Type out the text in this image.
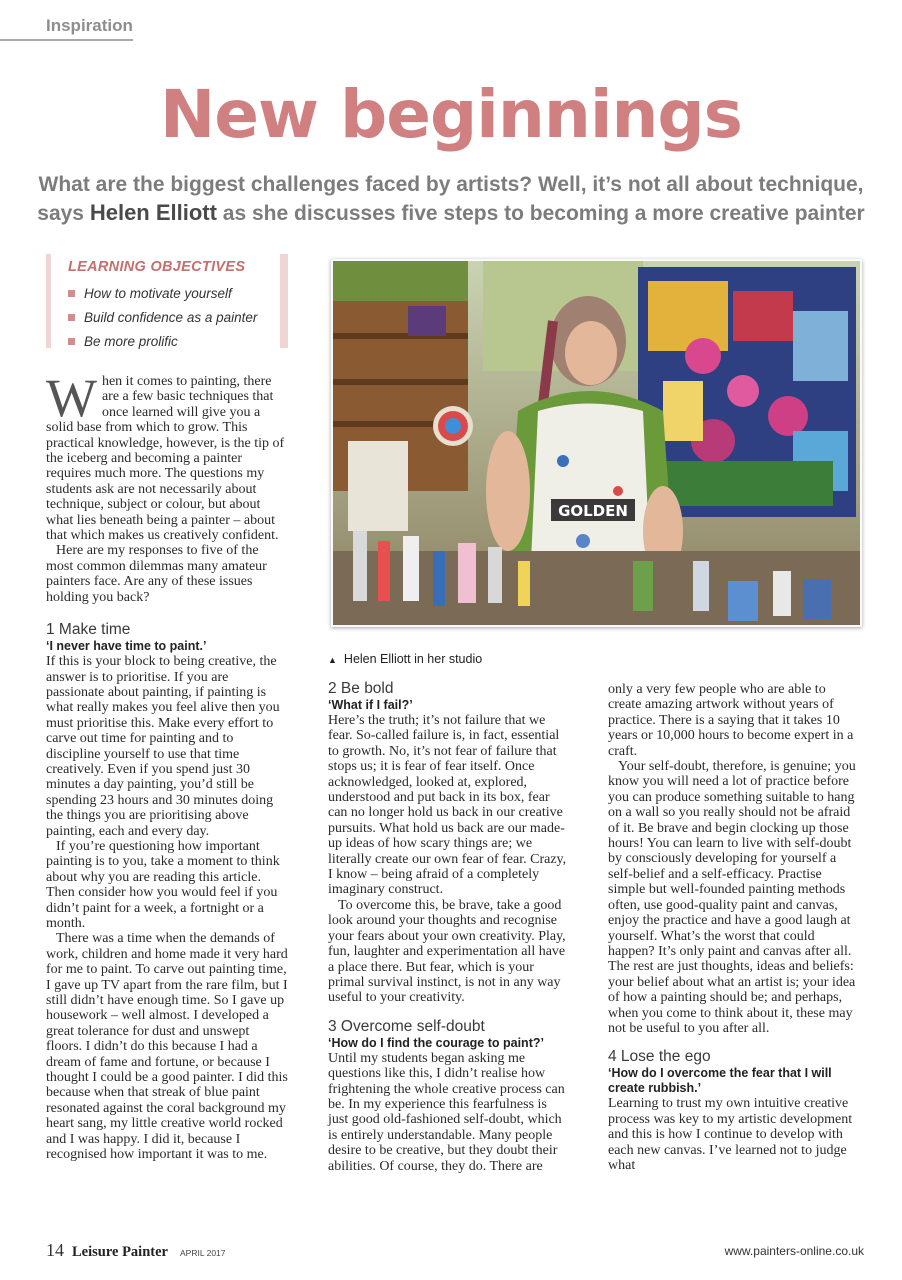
Inspiration
New beginnings
What are the biggest challenges faced by artists? Well, it’s not all about technique, says Helen Elliott as she discusses five steps to becoming a more creative painter
LEARNING OBJECTIVES
How to motivate yourself
Build confidence as a painter
Be more prolific

When it comes to painting, there are a few basic techniques that once learned will give you a solid base from which to grow. This practical knowledge, however, is the tip of the iceberg and becoming a painter requires much more. The questions my students ask are not necessarily about technique, subject or colour, but about what lies beneath being a painter – about that which makes us creatively confident.

Here are my responses to five of the most common dilemmas many amateur painters face. Are any of these issues holding you back?

1 Make time
‘I never have time to paint.’

If this is your block to being creative, the answer is to prioritise. If you are passionate about painting, if painting is what really makes you feel alive then you must prioritise this. Make every effort to carve out time for painting and to discipline yourself to use that time creatively. Even if you spend just 30 minutes a day painting, you’d still be spending 23 hours and 30 minutes doing the things you are prioritising above painting, each and every day.

If you’re questioning how important painting is to you, take a moment to think about why you are reading this article. Then consider how you would feel if you didn’t paint for a week, a fortnight or a month.

There was a time when the demands of work, children and home made it very hard for me to paint. To carve out painting time, I gave up TV apart from the rare film, but I still didn’t have enough time. So I gave up housework – well almost. I developed a great tolerance for dust and unswept floors. I didn’t do this because I had a dream of fame and fortune, or because I thought I could be a good painter. I did this because when that streak of blue paint resonated against the coral background my heart sang, my little creative world rocked and I was happy. I did it, because I recognised how important it was to me.

GOLDEN
▲ Helen Elliott in her studio
2 Be bold
‘What if I fail?’

Here’s the truth; it’s not failure that we fear. So-called failure is, in fact, essential to growth. No, it’s not fear of failure that stops us; it is fear of fear itself. Once acknowledged, looked at, explored, understood and put back in its box, fear can no longer hold us back in our creative pursuits. What hold us back are our made-up ideas of how scary things are; we literally create our own fear of fear. Crazy, I know – being afraid of a completely imaginary construct.

To overcome this, be brave, take a good look around your thoughts and recognise your fears about your own creativity. Play, fun, laughter and experimentation all have a place there. But fear, which is your primal survival instinct, is not in any way useful to your creativity.

3 Overcome self-doubt
‘How do I find the courage to paint?’

Until my students began asking me questions like this, I didn’t realise how frightening the whole creative process can be. In my experience this fearfulness is just good old-fashioned self-doubt, which is entirely understandable. Many people desire to be creative, but they doubt their abilities. Of course, they do. There are

only a very few people who are able to create amazing artwork without years of practice. There is a saying that it takes 10 years or 10,000 hours to become expert in a craft.

Your self-doubt, therefore, is genuine; you know you will need a lot of practice before you can produce something suitable to hang on a wall so you really should not be afraid of it. Be brave and begin clocking up those hours! You can learn to live with self-doubt by consciously developing for yourself a self-belief and a self-efficacy. Practise simple but well-founded painting methods often, use good-quality paint and canvas, enjoy the practice and have a good laugh at yourself. What’s the worst that could happen? It’s only paint and canvas after all. The rest are just thoughts, ideas and beliefs: your belief about what an artist is; your idea of how a painting should be; and perhaps, when you come to think about it, these may not be useful to you after all.

4 Lose the ego
‘How do I overcome the fear that I will create rubbish.’

Learning to trust my own intuitive creative process was key to my artistic development and this is how I continue to develop with each new canvas. I’ve learned not to judge what

14 Leisure Painter APRIL 2017	www.painters-online.co.uk
